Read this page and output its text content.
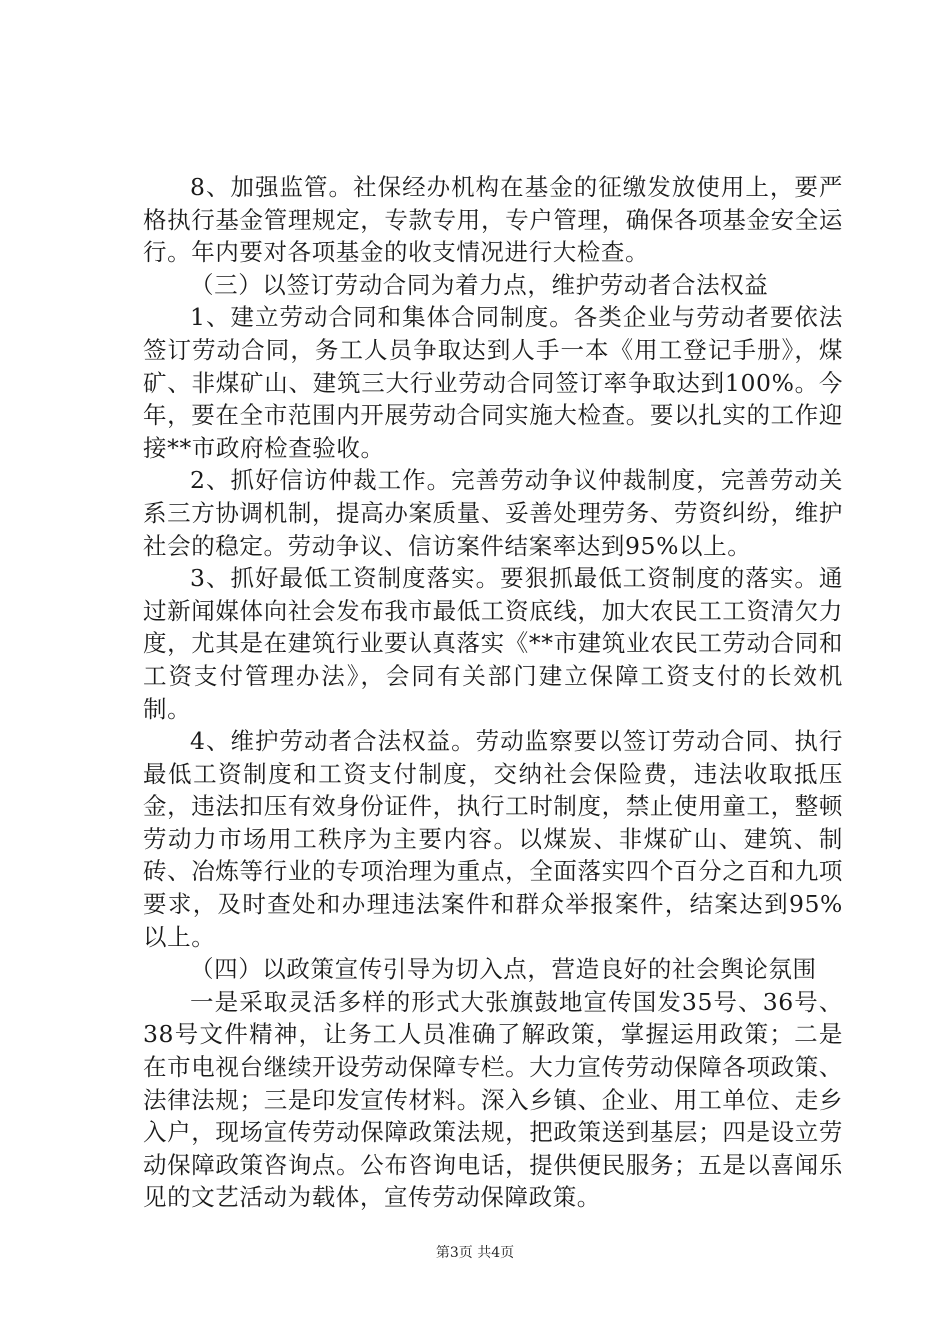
8、加强监管。社保经办机构在基金的征缴发放使用上，要严格执行基金管理规定，专款专用，专户管理，确保各项基金安全运行。年内要对各项基金的收支情况进行大检查。

（三）以签订劳动合同为着力点，维护劳动者合法权益

1、建立劳动合同和集体合同制度。各类企业与劳动者要依法签订劳动合同，务工人员争取达到人手一本《用工登记手册》，煤矿、非煤矿山、建筑三大行业劳动合同签订率争取达到100%。今年，要在全市范围内开展劳动合同实施大检查。要以扎实的工作迎接**市政府检查验收。

2、抓好信访仲裁工作。完善劳动争议仲裁制度，完善劳动关系三方协调机制，提高办案质量、妥善处理劳务、劳资纠纷，维护社会的稳定。劳动争议、信访案件结案率达到95%以上。

3、抓好最低工资制度落实。要狠抓最低工资制度的落实。通过新闻媒体向社会发布我市最低工资底线，加大农民工工资清欠力度，尤其是在建筑行业要认真落实《**市建筑业农民工劳动合同和工资支付管理办法》，会同有关部门建立保障工资支付的长效机制。

4、维护劳动者合法权益。劳动监察要以签订劳动合同、执行最低工资制度和工资支付制度，交纳社会保险费，违法收取抵压金，违法扣压有效身份证件，执行工时制度，禁止使用童工，整顿劳动力市场用工秩序为主要内容。以煤炭、非煤矿山、建筑、制砖、冶炼等行业的专项治理为重点，全面落实四个百分之百和九项要求，及时查处和办理违法案件和群众举报案件，结案达到95%以上。

（四）以政策宣传引导为切入点，营造良好的社会舆论氛围

一是采取灵活多样的形式大张旗鼓地宣传国发35号、36号、38号文件精神，让务工人员准确了解政策，掌握运用政策；二是在市电视台继续开设劳动保障专栏。大力宣传劳动保障各项政策、法律法规；三是印发宣传材料。深入乡镇、企业、用工单位、走乡入户，现场宣传劳动保障政策法规，把政策送到基层；四是设立劳动保障政策咨询点。公布咨询电话，提供便民服务；五是以喜闻乐见的文艺活动为载体，宣传劳动保障政策。

第3页 共4页
